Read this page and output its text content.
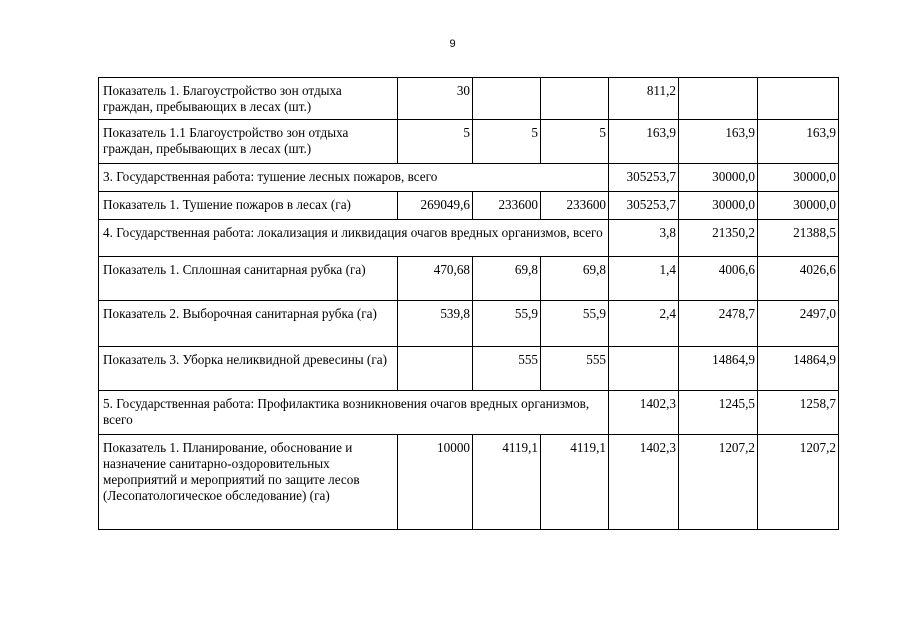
9
Показатель 1. Благоустройство зон отдыха граждан, пребывающих в лесах (шт.)	30			811,2		
Показатель 1.1 Благоустройство зон отдыха граждан, пребывающих в лесах (шт.)	5	5	5	163,9	163,9	163,9
3. Государственная работа: тушение лесных пожаров, всего				305253,7	30000,0	30000,0
Показатель 1. Тушение пожаров в лесах (га)	269049,6	233600	233600	305253,7	30000,0	30000,0
4. Государственная работа: локализация и ликвидация очагов вредных организмов, всего				3,8	21350,2	21388,5
Показатель 1. Сплошная санитарная рубка (га)	470,68	69,8	69,8	1,4	4006,6	4026,6
Показатель 2. Выборочная санитарная рубка (га)	539,8	55,9	55,9	2,4	2478,7	2497,0
Показатель 3. Уборка неликвидной древесины (га)		555	555		14864,9	14864,9
5. Государственная работа: Профилактика возникновения очагов вредных организмов, всего				1402,3	1245,5	1258,7
Показатель 1. Планирование, обоснование и назначение санитарно-оздоровительных мероприятий и мероприятий по защите лесов (Лесопатологическое обследование) (га)	10000	4119,1	4119,1	1402,3	1207,2	1207,2
